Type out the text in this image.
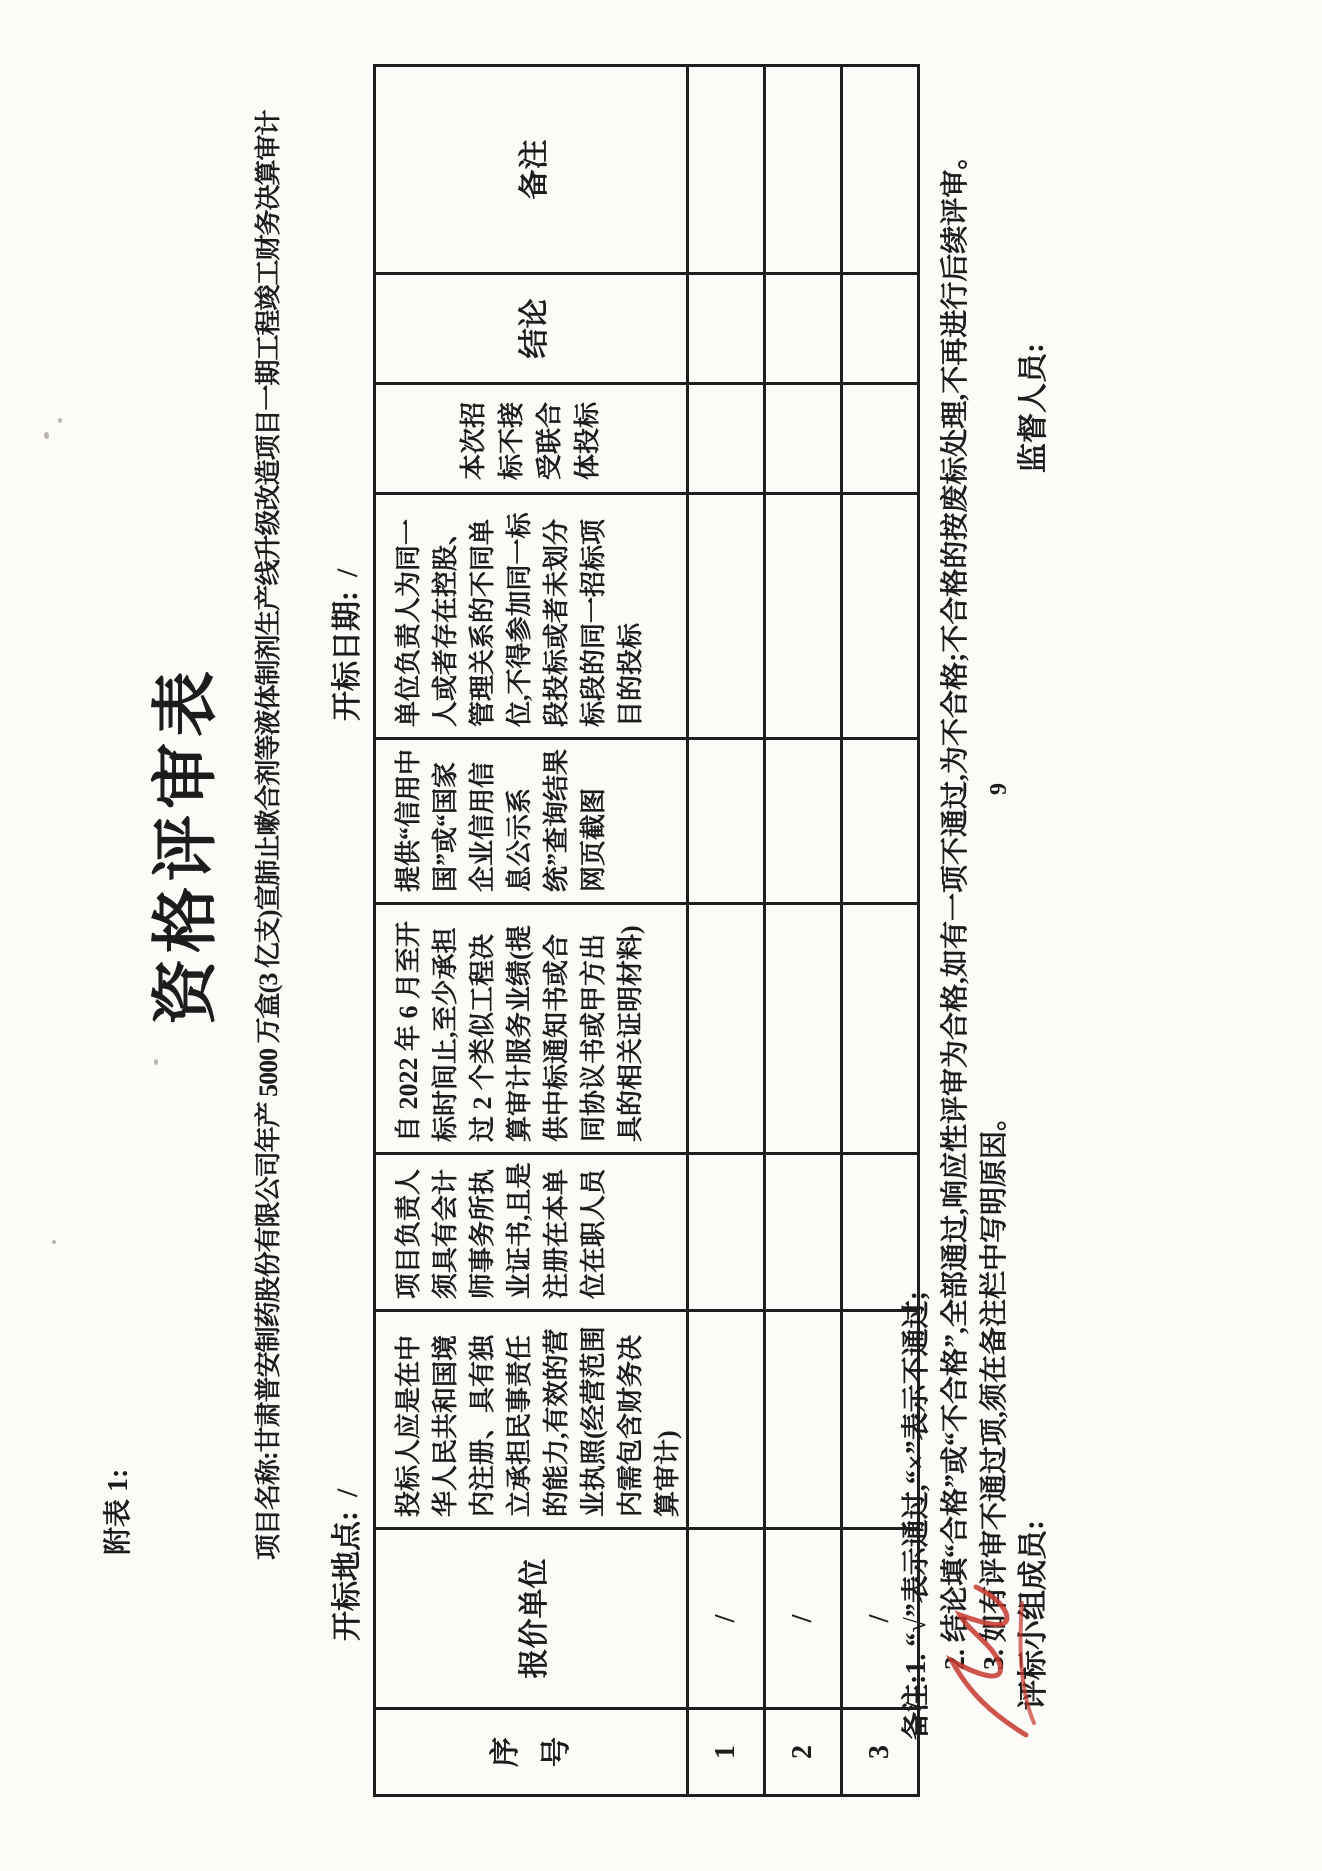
附表 1:
资格评审表
项目名称:甘肃普安制药股份有限公司年产 5000 万盒(3 亿支)宣肺止嗽合剂等液体制剂生产线升级改造项目一期工程竣工财务决算审计
开标地点:/
开标日期:/
序号	报价单位	投标人应是在中华人民共和国境内注册、具有独立承担民事责任的能力,有效的营业执照(经营范围内需包含财务决算审计)	项目负责人须具有会计师事务所执业证书,且是注册在本单位在职人员	自 2022 年 6 月至开标时间止,至少承担过 2 个类似工程决算审计服务业绩(提供中标通知书或合同协议书或甲方出具的相关证明材料)	提供“信用中国”或“国家企业信用信息公示系统”查询结果网页截图	单位负责人为同一人或者存在控股、管理关系的不同单位,不得参加同一标段投标或者未划分标段的同一招标项目的投标	本次招标不接受联合体投标	结论	备注
1	/								
2	/								
3	/								备注:1. “√”表示通过,“×”表示不通过; 2. 结论填“合格”或“不合格”,全部通过,响应性评审为合格,如有一项不通过,为不合格;不合格的按废标处理,不再进行后续评审。 3. 如有评审不通过项,须在备注栏中写明原因。 评标小组成员:
监督人员:
9
